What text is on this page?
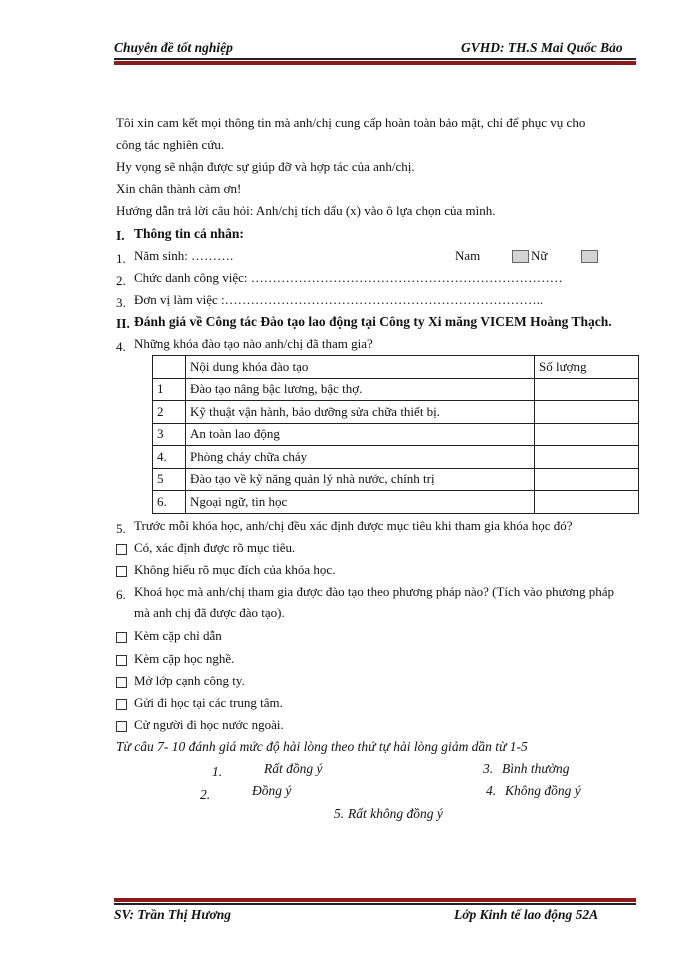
Chuyên đề tốt nghiệp	GVHD: TH.S Mai Quốc Bảo
Tôi xin cam kết mọi thông tin mà anh/chị cung cấp hoàn toàn bảo mật, chỉ để phục vụ cho
công tác nghiên cứu.
Hy vọng sẽ nhận được sự giúp đỡ và hợp tác của anh/chị.
Xin chân thành cảm ơn!
Hướng dẫn trả lời câu hỏi: Anh/chị tích dấu (x) vào ô lựa chọn của mình.
I. Thông tin cá nhân:
1. Năm sinh: ……….	Nam	Nữ
2. Chức danh công việc: ………………………………………………………………
3. Đơn vị làm việc :………………………………………………………………..
II. Đánh giá về Công tác Đào tạo lao động tại Công ty Xi măng VICEM Hoàng Thạch.
4. Những khóa đào tạo nào anh/chị đã tham gia?
	Nội dung khóa đào tạo	Số lượng
1	Đào tạo nâng bậc lương, bậc thợ.	
2	Kỹ thuật vận hành, bảo dưỡng sửa chữa thiết bị.	
3	An toàn lao động	
4.	Phòng cháy chữa cháy	
5	Đào tạo về kỹ năng quản lý nhà nước, chính trị	
6.	Ngoại ngữ, tin học	
5. Trước mỗi khóa học, anh/chị đều xác định được mục tiêu khi tham gia khóa học đó?
Có, xác định được rõ mục tiêu.
Không hiểu rõ mục đích của khóa học.
6. Khoá học mà anh/chị tham gia được đào tạo theo phương pháp nào? (Tích vào phương pháp
mà anh chị đã được đào tạo).
Kèm cặp chỉ dẫn
Kèm cặp học nghề.
Mở lớp cạnh công ty.
Gửi đi học tại các trung tâm.
Cử người đi học nước ngoài.
Từ câu 7- 10 đánh giá mức độ hài lòng theo thứ tự hài lòng giảm dần từ 1-5
1.	Rất đồng ý	3. Bình thường
2.	Đồng ý	4. Không đồng ý
5. Rất không đồng ý
SV: Trần Thị Hương	Lớp Kinh tế lao động 52A
